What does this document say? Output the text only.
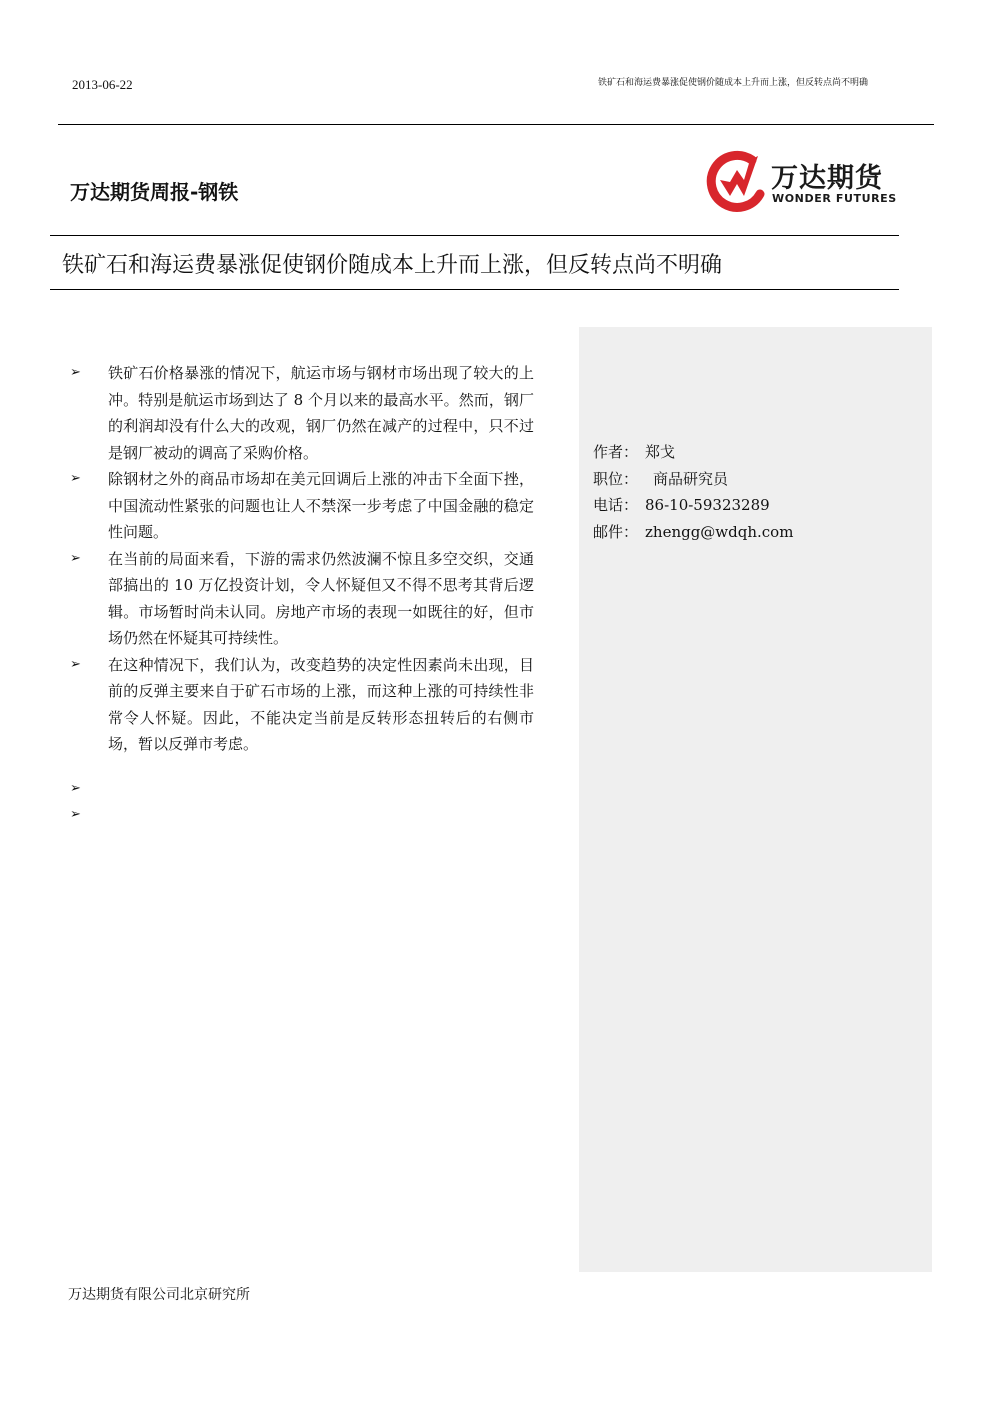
2013-06-22	铁矿石和海运费暴涨促使钢价随成本上升而上涨，但反转点尚不明确
万达期货周报-钢铁	万达期货
WONDER FUTURES
铁矿石和海运费暴涨促使钢价随成本上升而上涨，但反转点尚不明确
作者： 郑戈
职位： 商品研究员
电话： 86-10-59323289
邮件： zhengg@wdqh.com
➢ 铁矿石价格暴涨的情况下，航运市场与钢材市场出现了较大的上冲。特别是航运市场到达了 8 个月以来的最高水平。然而，钢厂的利润却没有什么大的改观，钢厂仍然在减产的过程中，只不过是钢厂被动的调高了采购价格。
➢ 除钢材之外的商品市场却在美元回调后上涨的冲击下全面下挫，中国流动性紧张的问题也让人不禁深一步考虑了中国金融的稳定性问题。
➢ 在当前的局面来看，下游的需求仍然波澜不惊且多空交织，交通部搞出的 10 万亿投资计划，令人怀疑但又不得不思考其背后逻辑。市场暂时尚未认同。房地产市场的表现一如既往的好，但市场仍然在怀疑其可持续性。
➢ 在这种情况下，我们认为，改变趋势的决定性因素尚未出现，目前的反弹主要来自于矿石市场的上涨，而这种上涨的可持续性非常令人怀疑。因此，不能决定当前是反转形态扭转后的右侧市场，暂以反弹市考虑。
➢

➢

万达期货有限公司北京研究所
